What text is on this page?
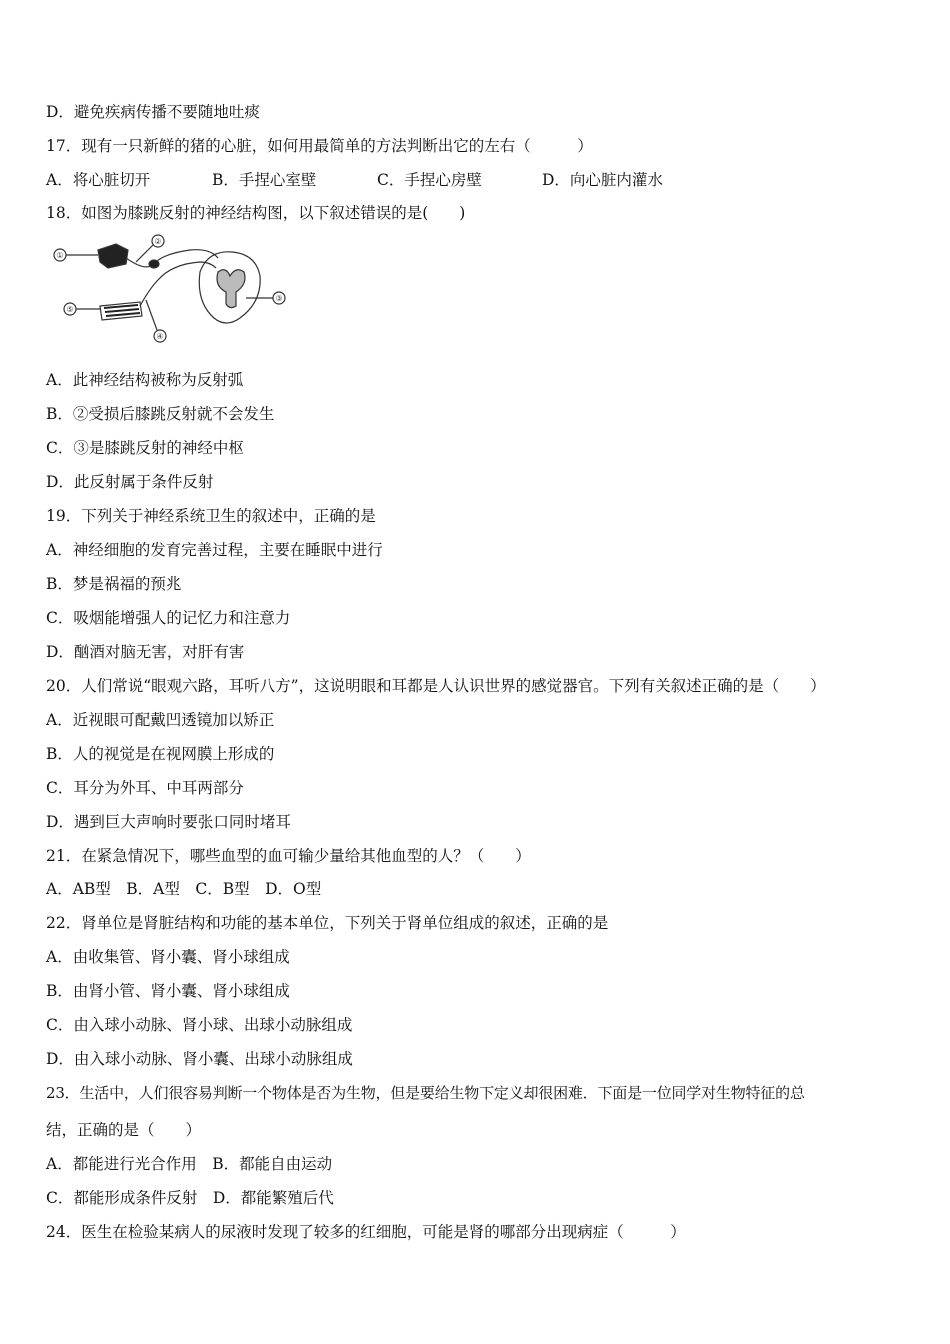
D．避免疾病传播不要随地吐痰
17．现有一只新鲜的猪的心脏，如何用最简单的方法判断出它的左右（　　　）
A．将心脏切开	B．手捏心室壁	C．手捏心房壁	D．向心脏内灌水
18．如图为膝跳反射的神经结构图，以下叙述错误的是(　　)
①
②
③
④
⑤
A．此神经结构被称为反射弧
B．②受损后膝跳反射就不会发生
C．③是膝跳反射的神经中枢
D．此反射属于条件反射
19．下列关于神经系统卫生的叙述中，正确的是
A．神经细胞的发育完善过程，主要在睡眠中进行
B．梦是祸福的预兆
C．吸烟能增强人的记忆力和注意力
D．酗酒对脑无害，对肝有害
20．人们常说“眼观六路，耳听八方”，这说明眼和耳都是人认识世界的感觉器官。下列有关叙述正确的是（　　）
A．近视眼可配戴凹透镜加以矫正
B．人的视觉是在视网膜上形成的
C．耳分为外耳、中耳两部分
D．遇到巨大声响时要张口同时堵耳
21．在紧急情况下，哪些血型的血可输少量给其他血型的人？（　　）
A．AB型　B．A型　C．B型　D．O型
22．肾单位是肾脏结构和功能的基本单位，下列关于肾单位组成的叙述，正确的是
A．由收集管、肾小囊、肾小球组成
B．由肾小管、肾小囊、肾小球组成
C．由入球小动脉、肾小球、出球小动脉组成
D．由入球小动脉、肾小囊、出球小动脉组成
23．生活中，人们很容易判断一个物体是否为生物，但是要给生物下定义却很困难．下面是一位同学对生物特征的总
结，正确的是（　　）
A．都能进行光合作用　B．都能自由运动
C．都能形成条件反射　D．都能繁殖后代
24．医生在检验某病人的尿液时发现了较多的红细胞，可能是肾的哪部分出现病症（　　　）
